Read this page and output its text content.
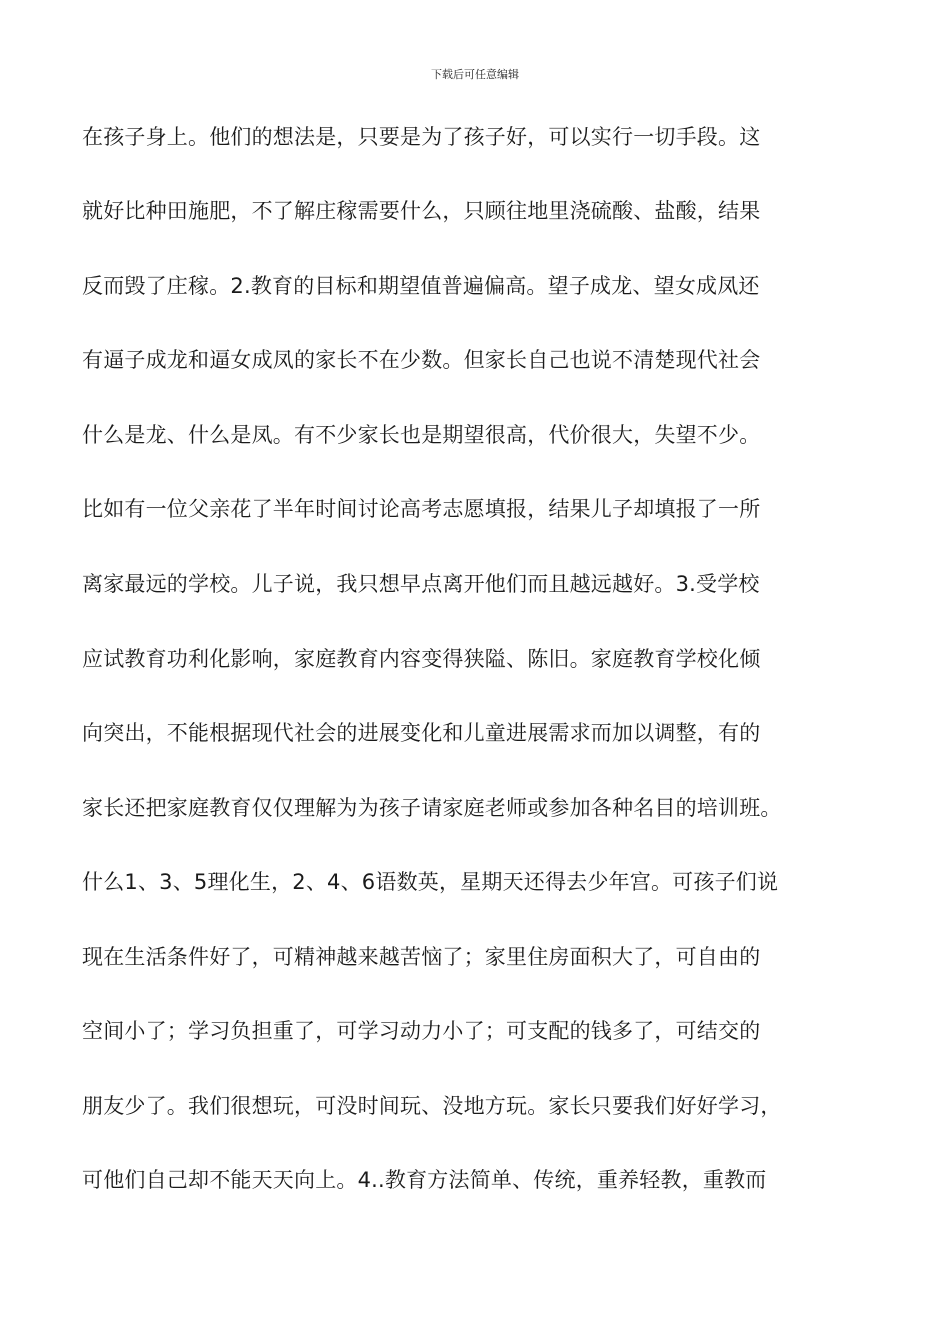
下载后可任意编辑
在孩子身上。他们的想法是，只要是为了孩子好，可以实行一切手段。这
就好比种田施肥，不了解庄稼需要什么，只顾往地里浇硫酸、盐酸，结果
反而毁了庄稼。2.教育的目标和期望值普遍偏高。望子成龙、望女成凤还
有逼子成龙和逼女成凤的家长不在少数。但家长自己也说不清楚现代社会
什么是龙、什么是凤。有不少家长也是期望很高，代价很大，失望不少。
比如有一位父亲花了半年时间讨论高考志愿填报，结果儿子却填报了一所
离家最远的学校。儿子说，我只想早点离开他们而且越远越好。3.受学校
应试教育功利化影响，家庭教育内容变得狭隘、陈旧。家庭教育学校化倾
向突出，不能根据现代社会的进展变化和儿童进展需求而加以调整，有的
家长还把家庭教育仅仅理解为为孩子请家庭老师或参加各种名目的培训班。
什么1、3、5理化生，2、4、6语数英，星期天还得去少年宫。可孩子们说
现在生活条件好了，可精神越来越苦恼了；家里住房面积大了，可自由的
空间小了；学习负担重了，可学习动力小了；可支配的钱多了，可结交的
朋友少了。我们很想玩，可没时间玩、没地方玩。家长只要我们好好学习，
可他们自己却不能天天向上。4..教育方法简单、传统，重养轻教，重教而
